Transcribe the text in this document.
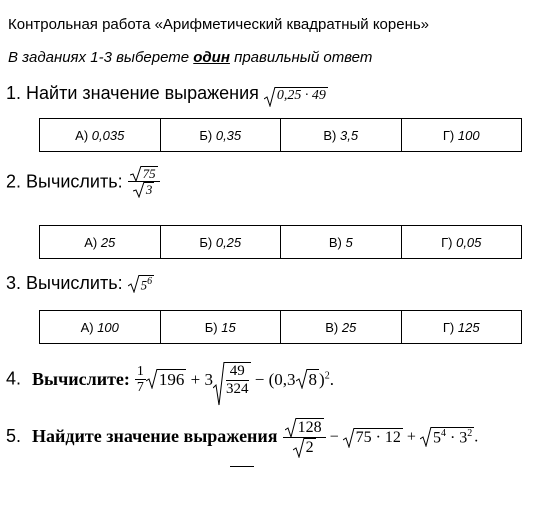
Контрольная работа «Арифметический квадратный корень»
В заданиях 1-3 выберете один правильный ответ
1. Найти значение выражения 0,25 · 49
А) 0,035	Б) 0,35	В) 3,5	Г) 100
2. Вычислить: $\frac{75}{3}$
А) 25	Б) 0,25	В) 5	Г) 0,05
3. Вычислить: $5^6$
А) 100	Б) 15	В) 25	Г) 125
4. Вычислите: $\frac{1}{7} 196 + 3 \frac{49}{324} - (0,3$ 8 )$^2$.
5. Найдите значение выражения $\frac{128}{2} - 75 \cdot 12 + 5^4 \cdot 3^2$ .
